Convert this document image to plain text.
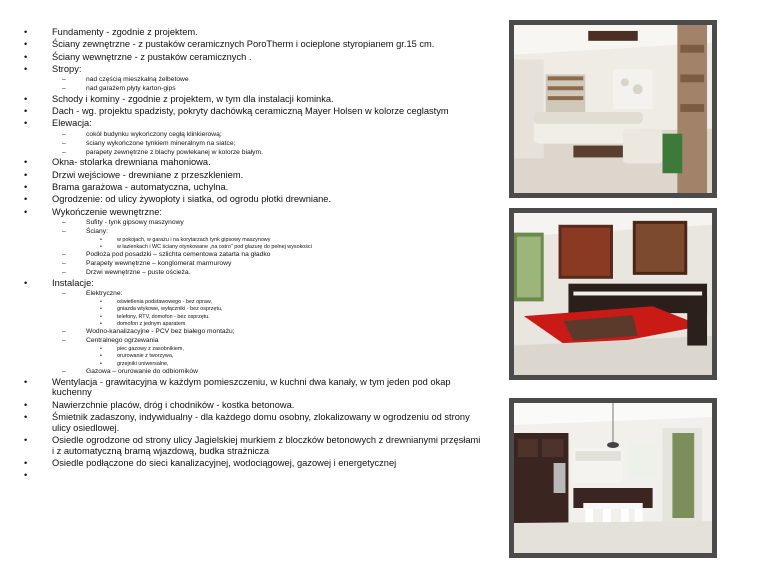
•	Fundamenty - zgodnie z projektem.
•	Ściany zewnętrzne - z pustaków ceramicznych PoroTherm i ocieplone styropianem gr.15 cm.
•	Ściany wewnętrzne - z pustaków ceramicznych .
•	Stropy:
–	nad częścią mieszkalną żelbetowe
–	nad garażem płyty karton-gips
•	Schody i kominy - zgodnie z projektem, w tym dla instalacji kominka.
•	Dach - wg. projektu spadzisty, pokryty dachówką ceramiczną Mayer Holsen w kolorze ceglastym
•	Elewacja:
–	cokół budynku wykończony cegłą klinkierową;
–	ściany wykończone tynkiem mineralnym na siatce;
–	parapety zewnętrzne z blachy powlekanej w kolorze białym.
•	Okna- stolarka drewniana mahoniowa.
•	Drzwi wejściowe - drewniane z przeszkleniem.
•	Brama garażowa - automatyczna, uchylna.
•	Ogrodzenie: od ulicy żywopłoty i siatka, od ogrodu płotki drewniane.
•	Wykończenie wewnętrzne:
–	Sufity - tynk gipsowy maszynowy
–	Ściany:
•	w pokojach, w garażu i na korytarzach tynk gipsowy maszynowy
•	w łazienkach i WC ściany otynkowane „na ostro" pod glazurę do pełnej wysokości
–	Podłoża pod posadzki – szlichta cementowa zatarta na gładko
–	Parapety wewnętrzne – konglomerat marmurowy
–	Drzwi wewnętrzne – puste ościeża.
•	Instalacje:
–	Elektryczne:
•	oświetlenia podstawowego - bez opraw,
•	gniazda wtykowe, wyłączniki - bez osprzętu,
•	telefony, RTV, domofon - bez osprzętu.
•	domofon z jednym aparatem
–	Wodno-kanalizacyjne - PCV bez białego montażu;
–	Centralnego ogrzewania
•	piec gazowy z zasobnikiem,
•	orurowanie z tworzywa,
•	grzejniki uniwersalne,
–	Gazowa – orurowanie do odbiorników
•	Wentylacja - grawitacyjna w każdym pomieszczeniu, w kuchni dwa kanały, w tym jeden pod okap kuchenny
•	Nawierzchnie placów, dróg i chodników - kostka betonowa.
•	Śmietnik zadaszony, indywidualny - dla każdego domu osobny, zlokalizowany w ogrodzeniu od strony ulicy osiedlowej.
•	Osiedle ogrodzone od strony ulicy Jagielskiej murkiem z bloczków betonowych z drewnianymi przęsłami i z automatyczną bramą wjazdową, budka strażnicza
•	Osiedle podłączone do sieci kanalizacyjnej, wodociągowej, gazowej i energetycznej
•
